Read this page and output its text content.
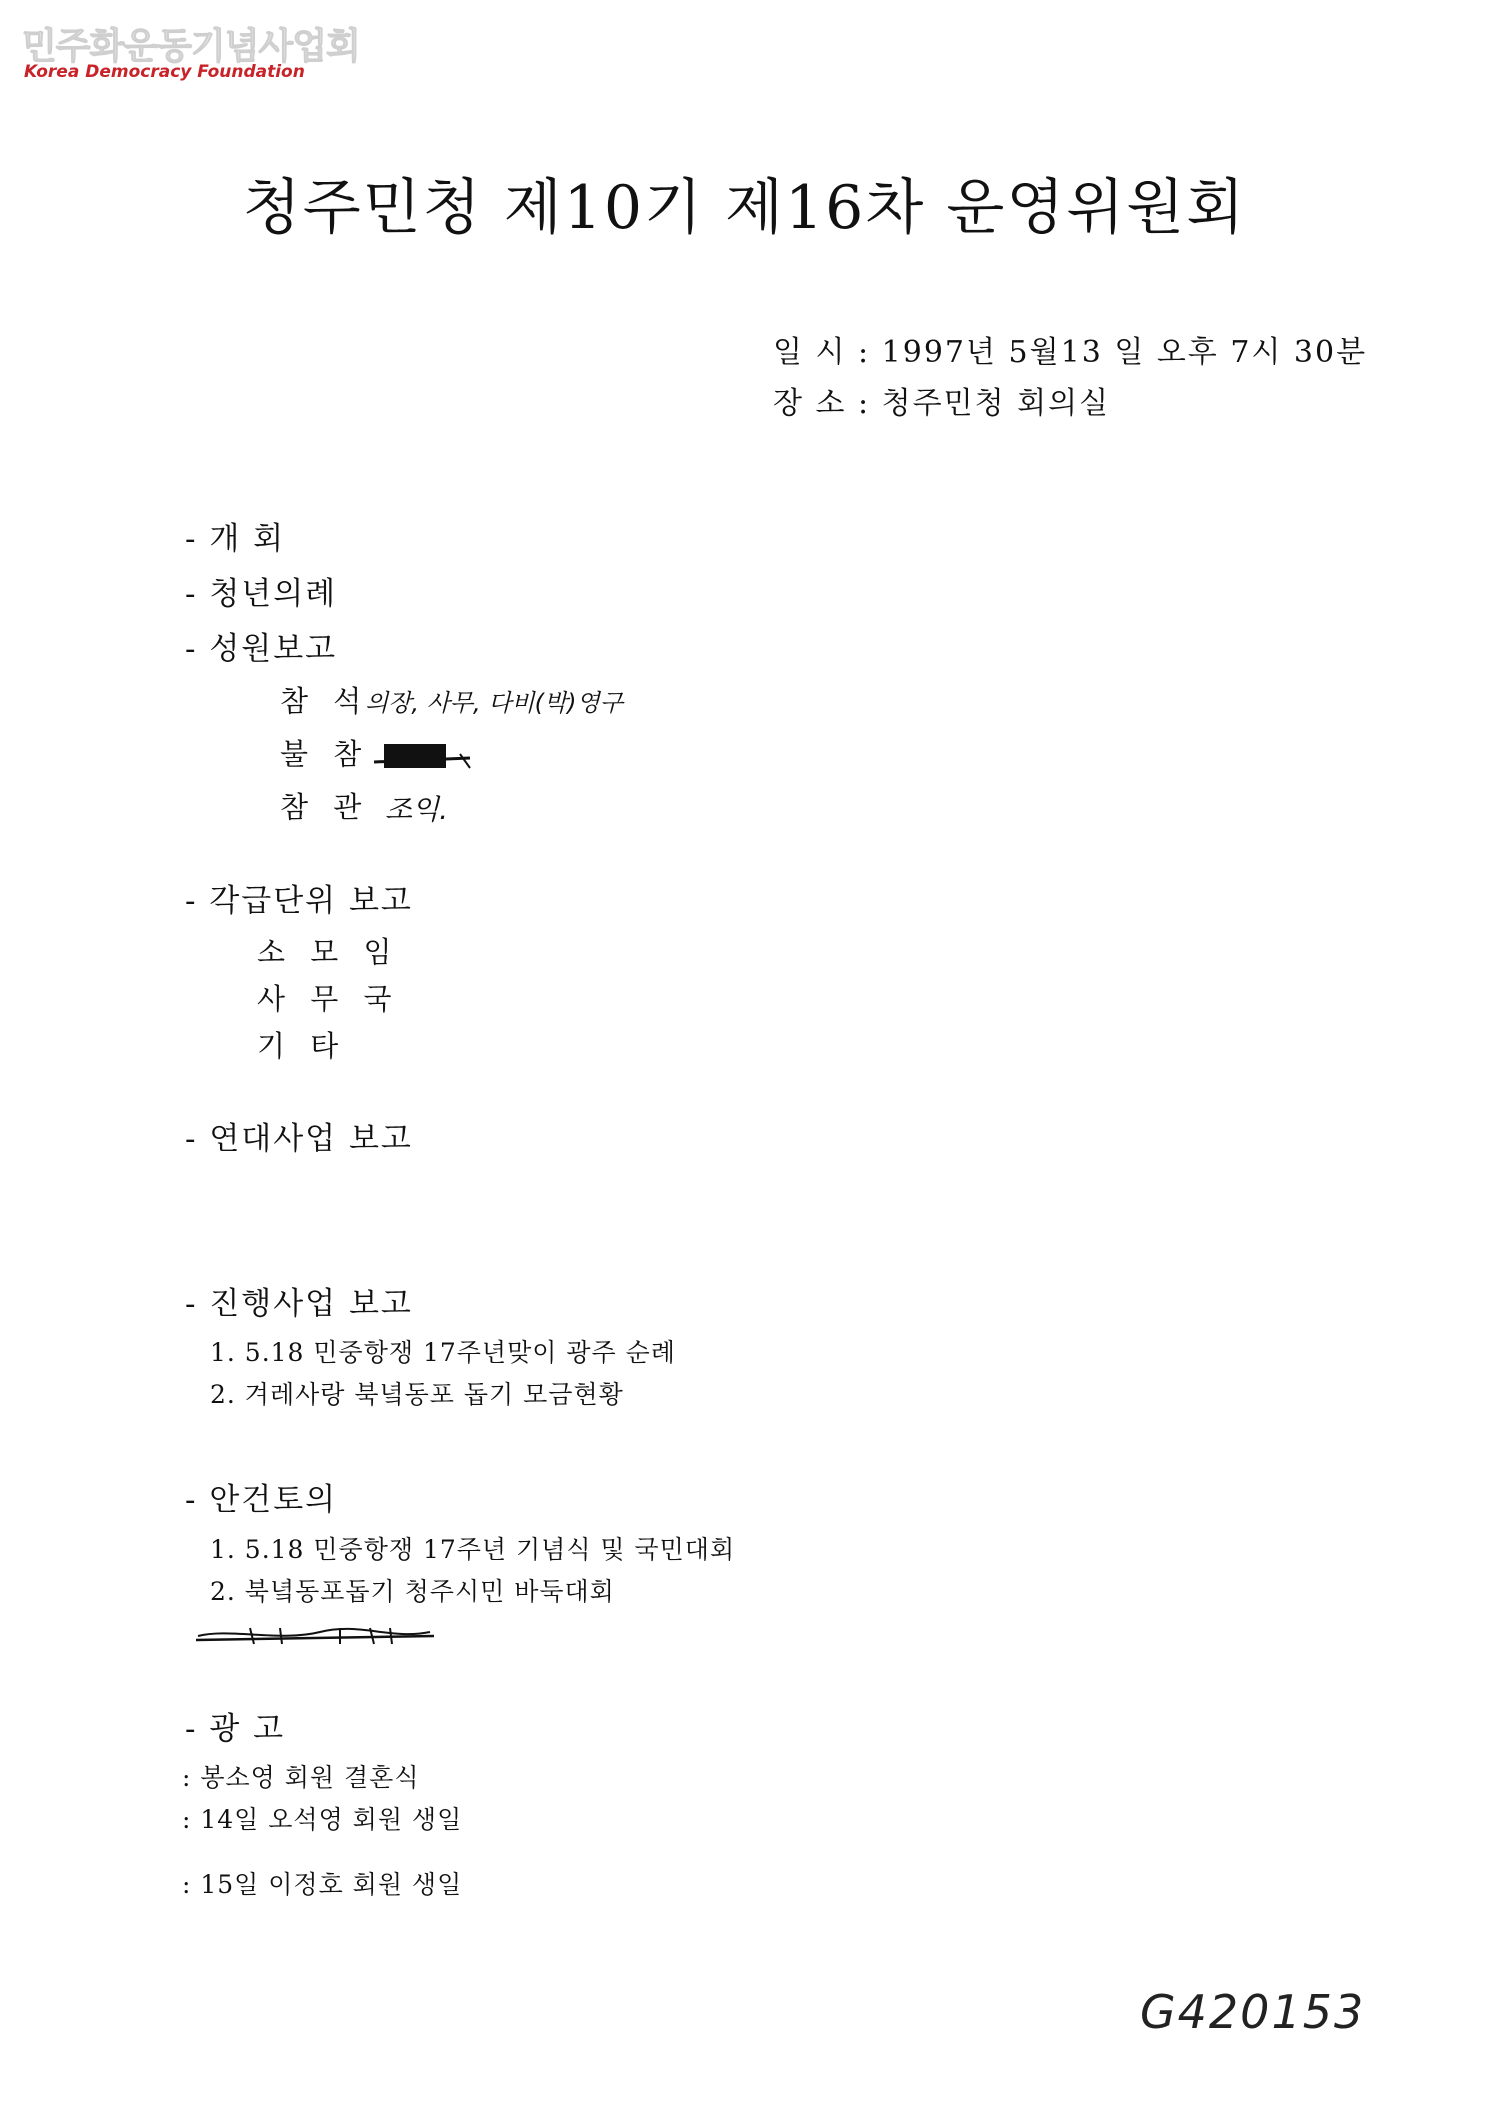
민주화운동기념사업회
Korea Democracy Foundation
청주민청 제10기 제16차 운영위원회
일 시 : 1997년 5월13 일 오후 7시 30분
장 소 : 청주민청 회의실
- 개 회
- 청년의례
- 성원보고
참 석
의장, 사무, 다비(박)영구
불 참
참 관 조익.
- 각급단위 보고
소 모 임
사 무 국
기 타
- 연대사업 보고
- 진행사업 보고
1. 5.18 민중항쟁 17주년맞이 광주 순례
2. 겨레사랑 북녘동포 돕기 모금현황
- 안건토의
1. 5.18 민중항쟁 17주년 기념식 및 국민대회
2. 북녘동포돕기 청주시민 바둑대회
- 광 고
: 봉소영 회원 결혼식
: 14일 오석영 회원 생일
: 15일 이정호 회원 생일
G420153
